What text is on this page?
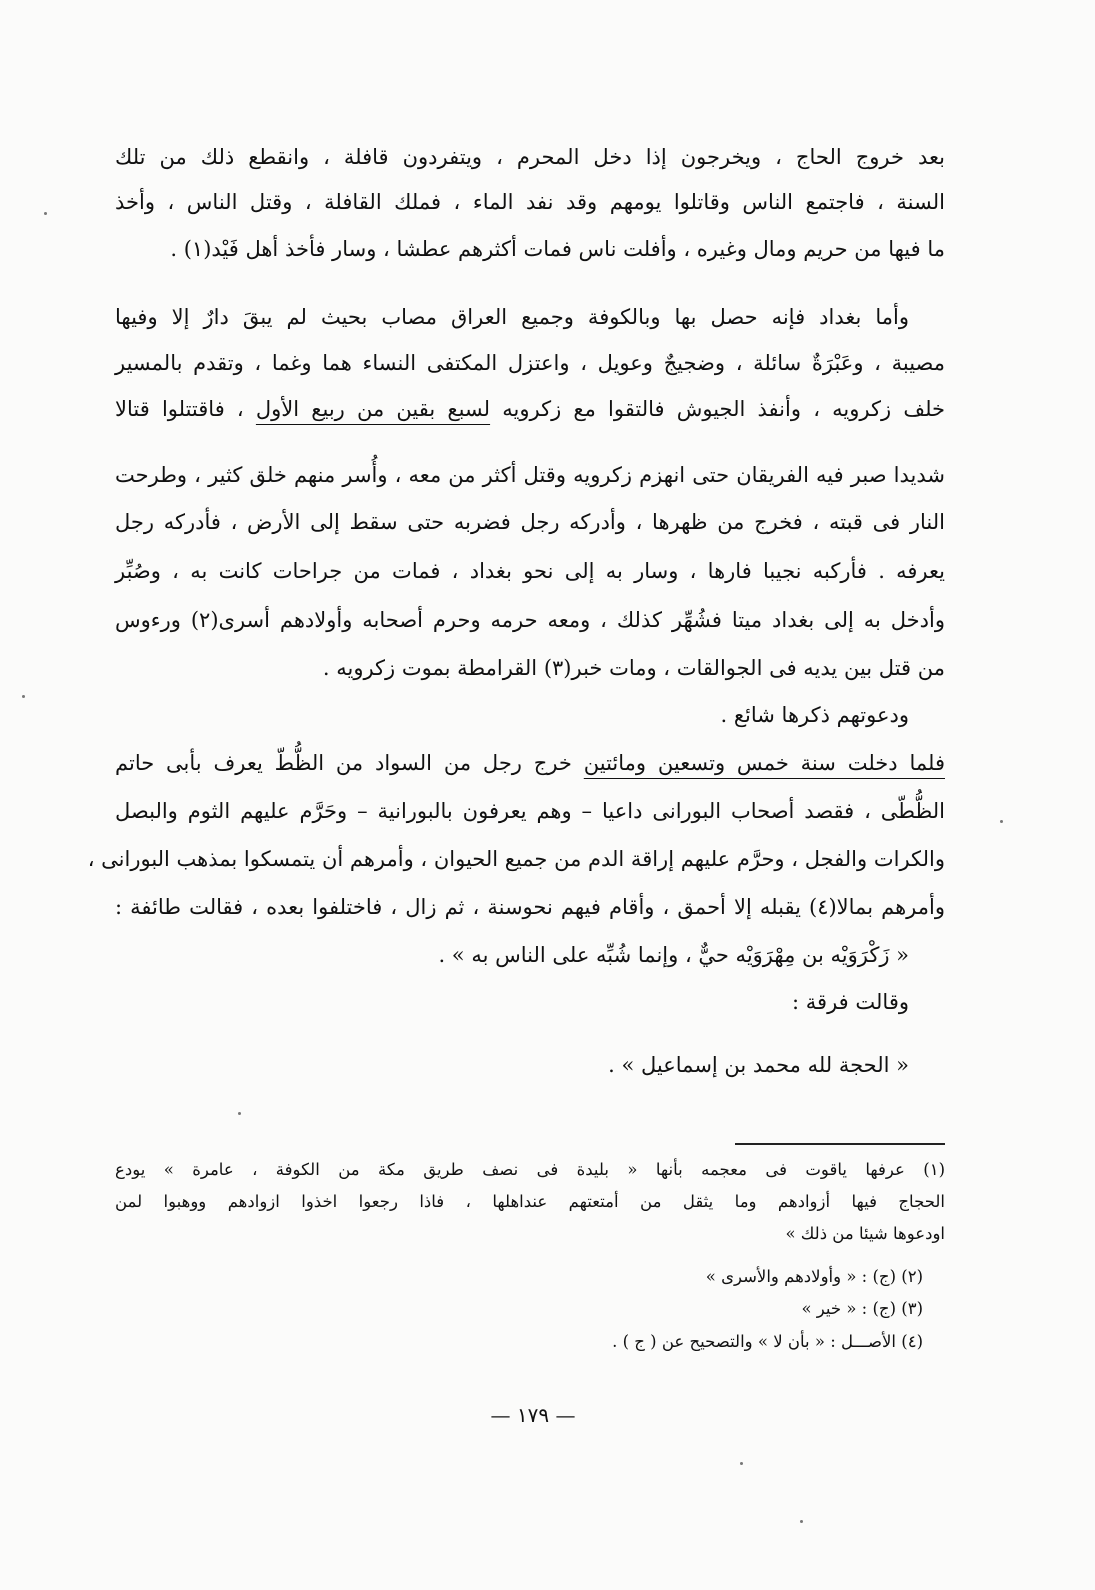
بعد خروج الحاج ، ويخرجون إذا دخل المحرم ، ويتفردون قافلة ، وانقطع ذلك من تلك
السنة ، فاجتمع الناس وقاتلوا يومهم وقد نفد الماء ، فملك القافلة ، وقتل الناس ، وأخذ
ما فيها من حريم ومال وغيره ، وأفلت ناس فمات أكثرهم عطشا ، وسار فأخذ أهل فَيْد(١) .
وأما بغداد فإنه حصل بها وبالكوفة وجميع العراق مصاب بحيث لم يبقَ دارٌ إلا وفيها
مصيبة ، وعَبْرَةٌ سائلة ، وضجيجٌ وعويل ، واعتزل المكتفى النساء هما وغما ، وتقدم بالمسير
خلف زكرويه ، وأنفذ الجيوش فالتقوا مع زكرويه لسبع بقين من ربيع الأول ، فاقتتلوا قتالا
شديدا صبر فيه الفريقان حتى انهزم زكرويه وقتل أكثر من معه ، وأُسر منهم خلق كثير ، وطرحت
النار فى قبته ، فخرج من ظهرها ، وأدركه رجل فضربه حتى سقط إلى الأرض ، فأدركه رجل
يعرفه . فأركبه نجيبا فارها ، وسار به إلى نحو بغداد ، فمات من جراحات كانت به ، وصُبِّر
وأدخل به إلى بغداد ميتا فشُهِّر كذلك ، ومعه حرمه وحرم أصحابه وأولادهم أسرى(٢) ورءوس
من قتل بين يديه فى الجوالقات ، ومات خبر(٣) القرامطة بموت زكرويه .
ودعوتهم ذكرها شائع .
فلما دخلت سنة خمس وتسعين ومائتين خرج رجل من السواد من الظُّطّ يعرف بأبى حاتم
الظُّطّى ، فقصد أصحاب البورانى داعيا – وهم يعرفون بالبورانية – وحَرَّم عليهم الثوم والبصل
والكرات والفجل ، وحرَّم عليهم إراقة الدم من جميع الحيوان ، وأمرهم أن يتمسكوا بمذهب البورانى ،
وأمرهم بمالا(٤) يقبله إلا أحمق ، وأقام فيهم نحوسنة ، ثم زال ، فاختلفوا بعده ، فقالت طائفة :
« زَكْرَوَيْه بن مِهْرَوَيْه حيٌّ ، وإنما شُبِّه على الناس به » .
وقالت فرقة :
« الحجة لله محمد بن إسماعيل » .
(١) عرفها ياقوت فى معجمه بأنها « بليدة فى نصف طريق مكة من الكوفة ، عامرة » يودع
الحجاج فيها أزوادهم وما يثقل من أمتعتهم عنداهلها ، فاذا رجعوا اخذوا ازوادهم ووهبوا لمن
اودعوها شيئا من ذلك »
(٢) (ج) : « وأولادهم والأسرى »
(٣) (ج) : « خير »
(٤) الأصـــل : « بأن لا » والتصحيح عن ( ج ) .
— ١٧٩ —
